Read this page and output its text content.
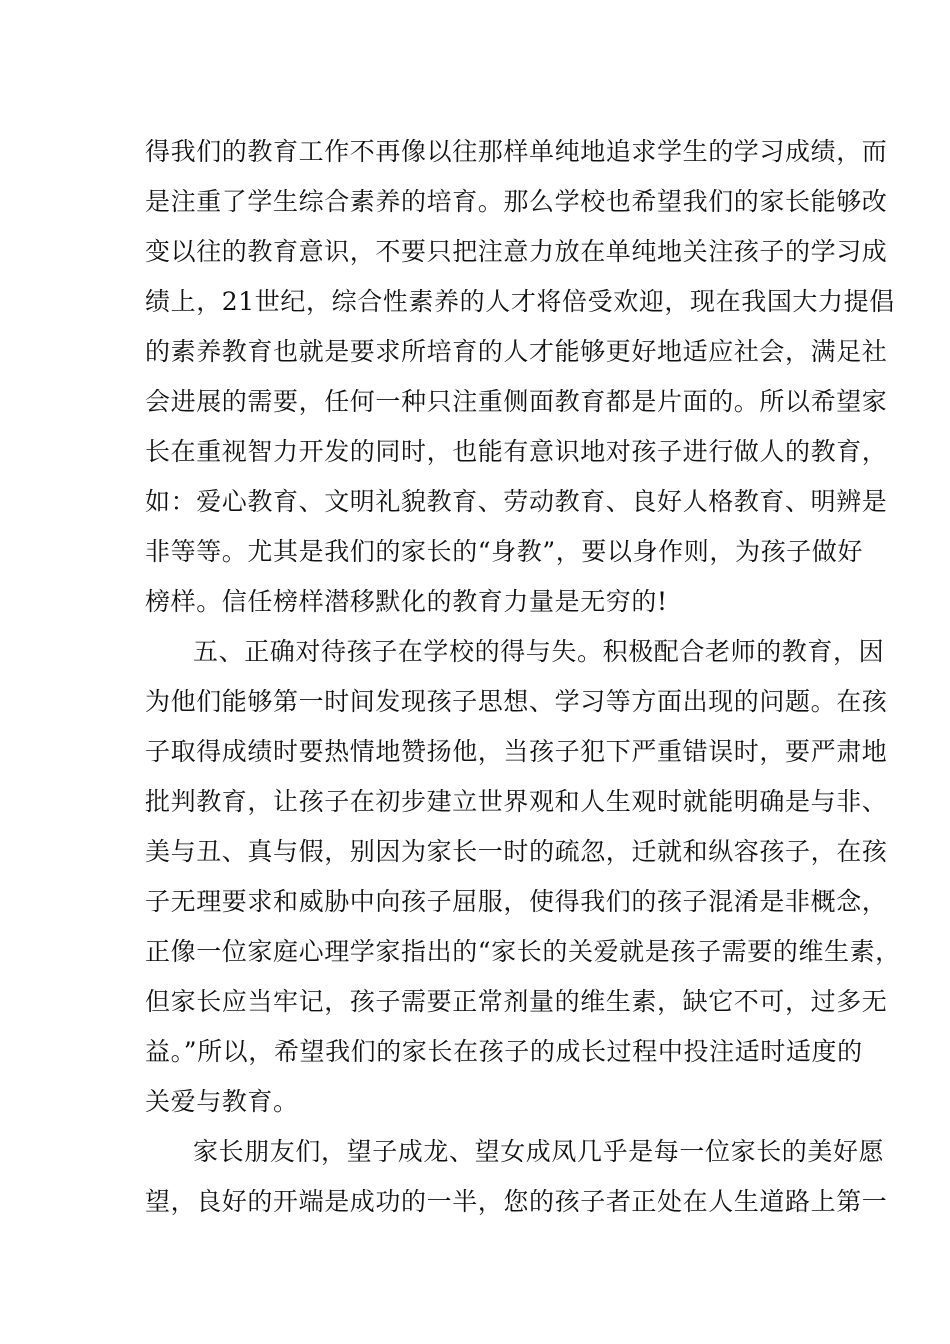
得我们的教育工作不再像以往那样单纯地追求学生的学习成绩，而
是注重了学生综合素养的培育。那么学校也希望我们的家长能够改
变以往的教育意识，不要只把注意力放在单纯地关注孩子的学习成
绩上，21世纪，综合性素养的人才将倍受欢迎，现在我国大力提倡
的素养教育也就是要求所培育的人才能够更好地适应社会，满足社
会进展的需要，任何一种只注重侧面教育都是片面的。所以希望家
长在重视智力开发的同时，也能有意识地对孩子进行做人的教育，
如：爱心教育、文明礼貌教育、劳动教育、良好人格教育、明辨是
非等等。尤其是我们的家长的“身教”，要以身作则，为孩子做好
榜样。信任榜样潜移默化的教育力量是无穷的!
五、正确对待孩子在学校的得与失。积极配合老师的教育，因
为他们能够第一时间发现孩子思想、学习等方面出现的问题。在孩
子取得成绩时要热情地赞扬他，当孩子犯下严重错误时，要严肃地
批判教育，让孩子在初步建立世界观和人生观时就能明确是与非、
美与丑、真与假，别因为家长一时的疏忽，迁就和纵容孩子，在孩
子无理要求和威胁中向孩子屈服，使得我们的孩子混淆是非概念，
正像一位家庭心理学家指出的“家长的关爱就是孩子需要的维生素，
但家长应当牢记，孩子需要正常剂量的维生素，缺它不可，过多无
益。”所以，希望我们的家长在孩子的成长过程中投注适时适度的
关爱与教育。
家长朋友们，望子成龙、望女成凤几乎是每一位家长的美好愿
望，良好的开端是成功的一半，您的孩子者正处在人生道路上第一
